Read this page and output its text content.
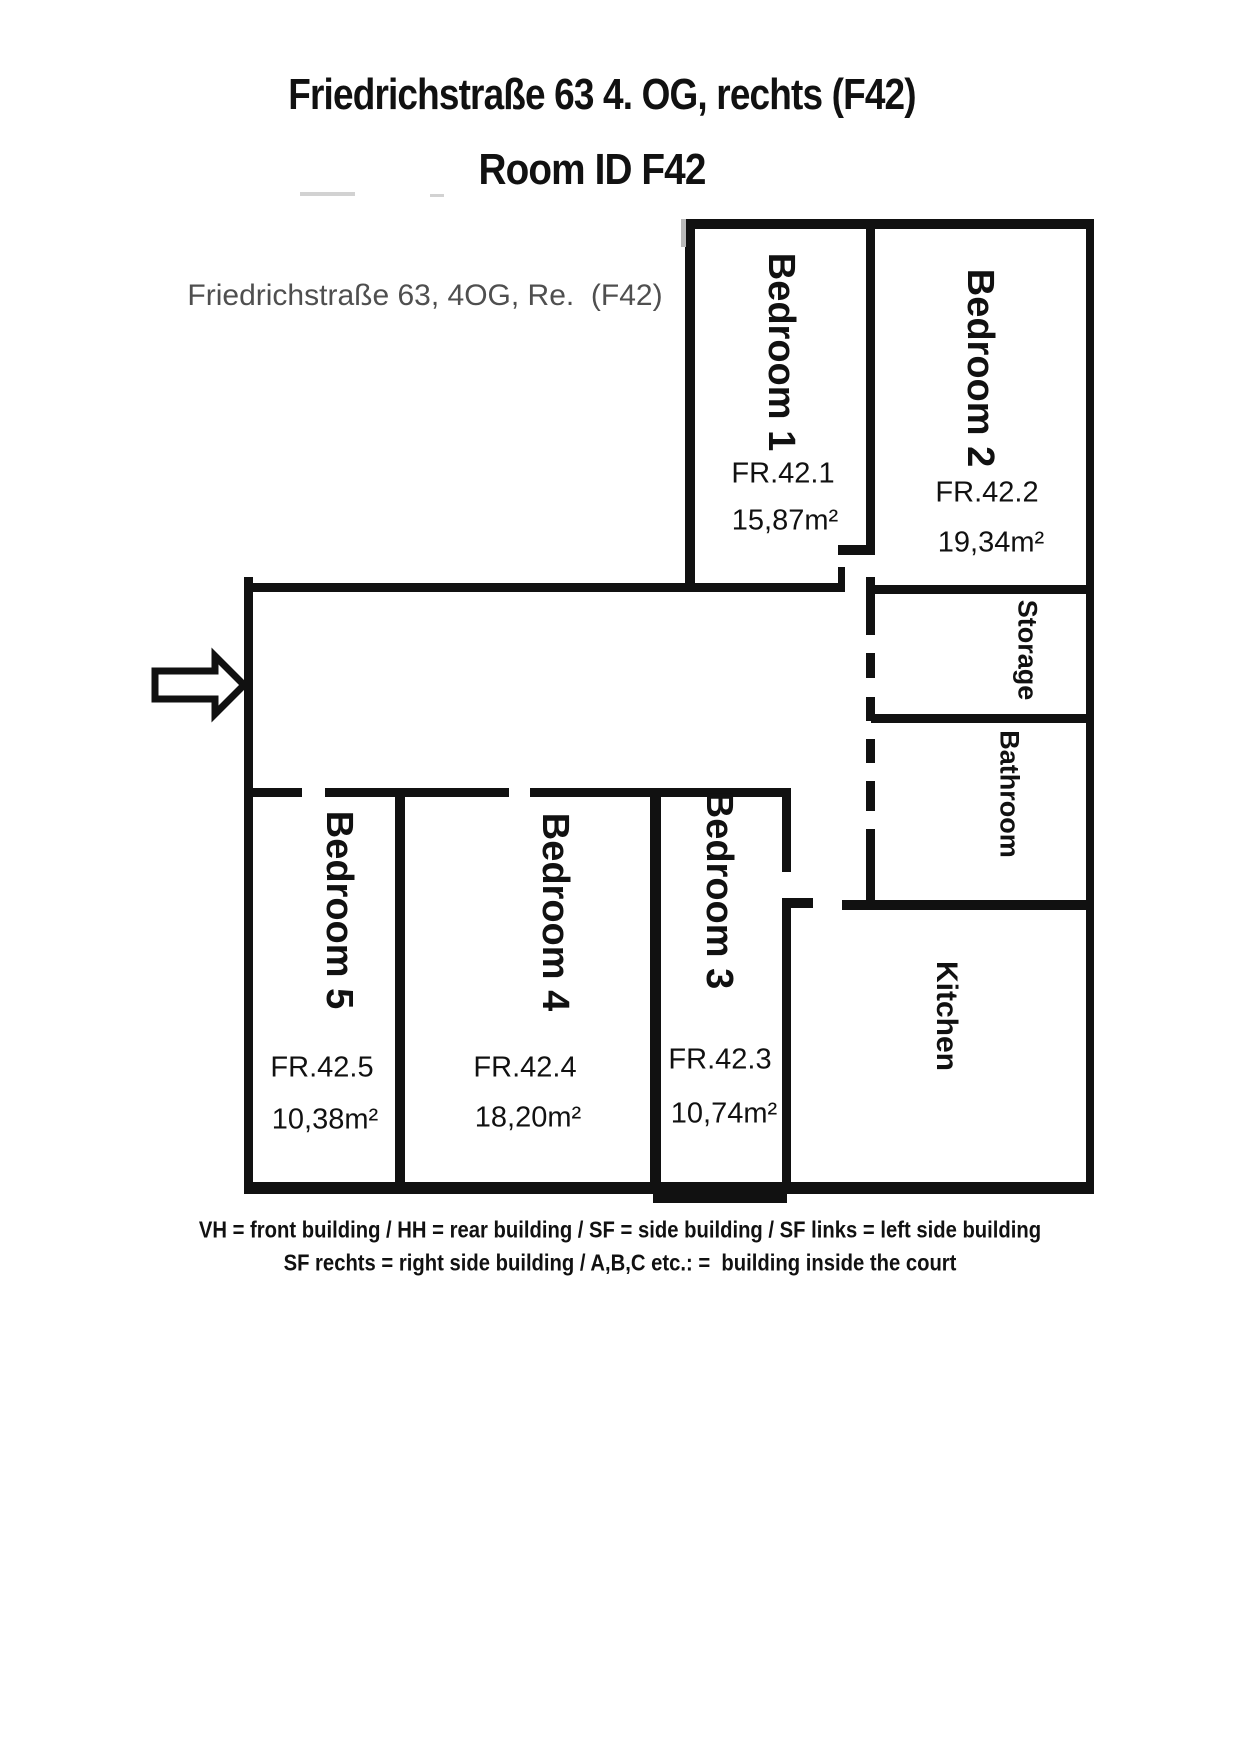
Friedrichstraße 63 4. OG, rechts (F42)
Room ID F42
Friedrichstraße 63, 4OG, Re.  (F42)	Bedroom 1
FR.42.1
15,87m²
Bedroom 2
FR.42.2
19,34m²
Storage
Bathroom
Kitchen
Bedroom 5
FR.42.5
10,38m²
Bedroom 4
FR.42.4
18,20m²
Bedroom 3
FR.42.3
10,74m²
VH = front building / HH = rear building / SF = side building / SF links = left side building
SF rechts = right side building / A,B,C etc.: =  building inside the court
